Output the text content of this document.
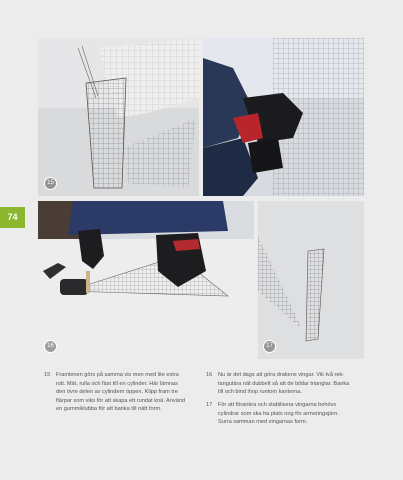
15
16	17
74
15 Framlenen görs på samma vis men med lite extra
nät. Mät, rulla och fäst till en cylinder. Här lämnas
den övre delen av cylindern öppen. Klipp fram tre
flärpar som viks för att skapa ett rundat knä. Använd
en gummiklubba för att banka till nätt form.
16 Nu är det dags att göra drakens vingar. Vik två rek-
tangulära nät dubbelt så att de bildar trianglar. Banka
till och bind ihop runtom kanterna.
17 För att förankra och stabilisera vingarna behövs
cylindrar som ska ha plats nog för armeringsjärn.
Surra samman med vingarnas form.
